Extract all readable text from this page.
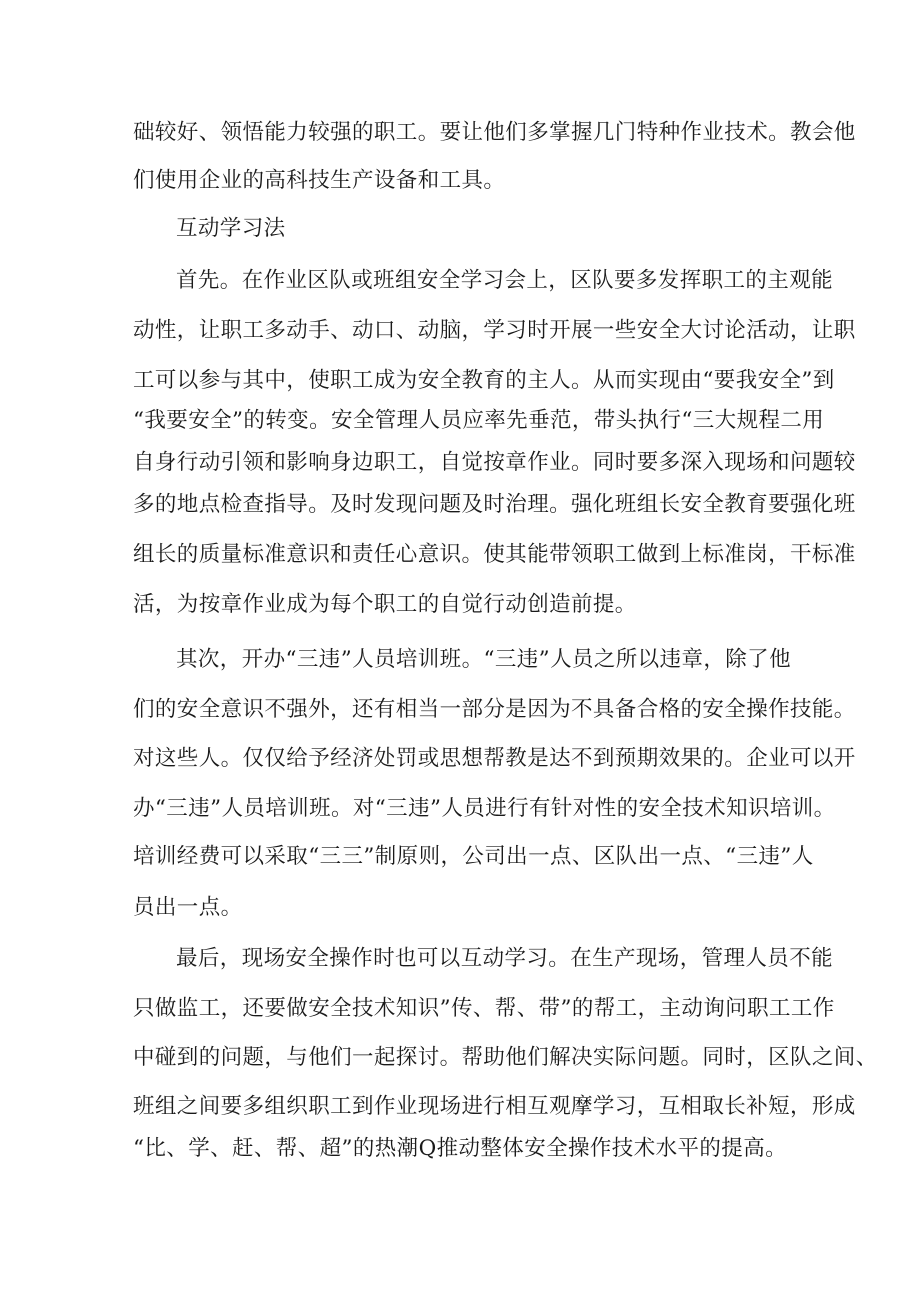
础较好、领悟能力较强的职工。要让他们多掌握几门特种作业技术。教会他

们使用企业的高科技生产设备和工具。

互动学习法

首先。在作业区队或班组安全学习会上，区队要多发挥职工的主观能

动性，让职工多动手、动口、动脑，学习时开展一些安全大讨论活动，让职

工可以参与其中，使职工成为安全教育的主人。从而实现由“要我安全”到

“我要安全”的转变。安全管理人员应率先垂范，带头执行“三大规程二用

自身行动引领和影响身边职工，自觉按章作业。同时要多深入现场和问题较

多的地点检查指导。及时发现问题及时治理。强化班组长安全教育要强化班

组长的质量标准意识和责任心意识。使其能带领职工做到上标准岗，干标准

活，为按章作业成为每个职工的自觉行动创造前提。

其次，开办“三违”人员培训班。“三违”人员之所以违章，除了他

们的安全意识不强外，还有相当一部分是因为不具备合格的安全操作技能。

对这些人。仅仅给予经济处罚或思想帮教是达不到预期效果的。企业可以开

办“三违”人员培训班。对“三违”人员进行有针对性的安全技术知识培训。

培训经费可以采取“三三”制原则，公司出一点、区队出一点、“三违”人

员出一点。

最后，现场安全操作时也可以互动学习。在生产现场，管理人员不能

只做监工，还要做安全技术知识”传、帮、带”的帮工，主动询问职工工作

中碰到的问题，与他们一起探讨。帮助他们解决实际问题。同时，区队之间、

班组之间要多组织职工到作业现场进行相互观摩学习，互相取长补短，形成

“比、学、赶、帮、超”的热潮Q推动整体安全操作技术水平的提高。
